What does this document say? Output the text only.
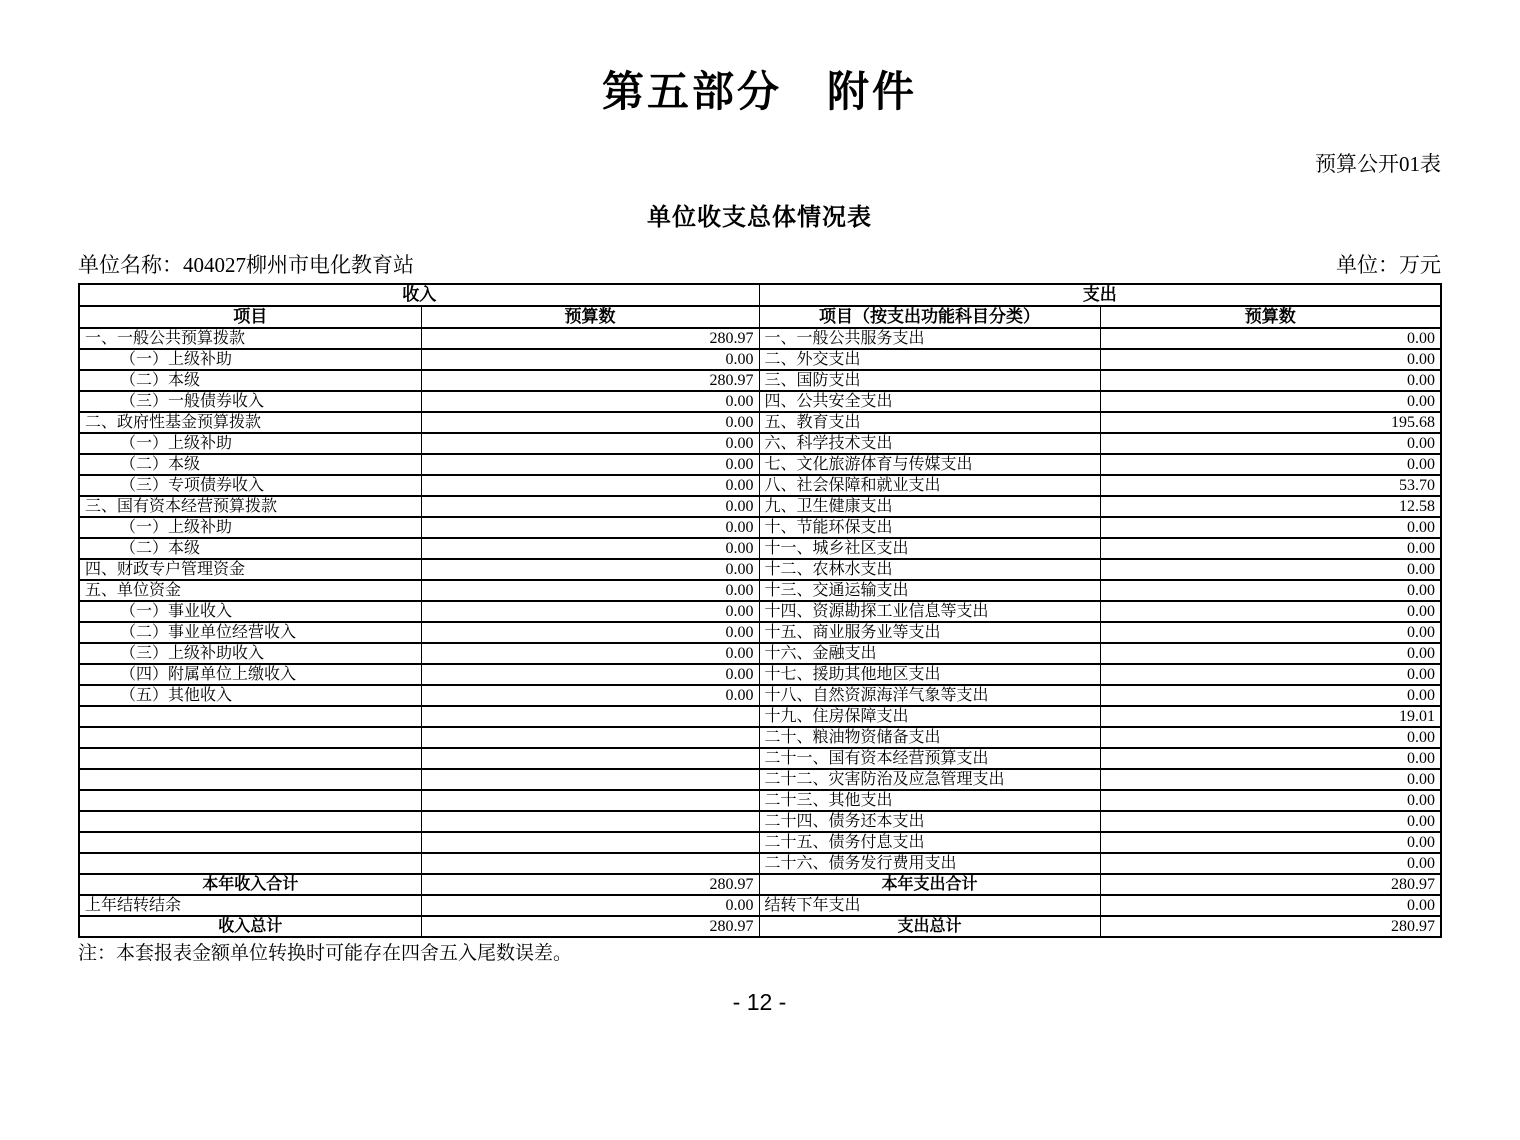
第五部分　附件
预算公开01表
单位收支总体情况表
单位名称：404027柳州市电化教育站	单位：万元
收入		支出	
项目	预算数	项目（按支出功能科目分类）	预算数
一、一般公共预算拨款	280.97	一、一般公共服务支出	0.00
（一）上级补助	0.00	二、外交支出	0.00
（二）本级	280.97	三、国防支出	0.00
（三）一般债券收入	0.00	四、公共安全支出	0.00
二、政府性基金预算拨款	0.00	五、教育支出	195.68
（一）上级补助	0.00	六、科学技术支出	0.00
（二）本级	0.00	七、文化旅游体育与传媒支出	0.00
（三）专项债券收入	0.00	八、社会保障和就业支出	53.70
三、国有资本经营预算拨款	0.00	九、卫生健康支出	12.58
（一）上级补助	0.00	十、节能环保支出	0.00
（二）本级	0.00	十一、城乡社区支出	0.00
四、财政专户管理资金	0.00	十二、农林水支出	0.00
五、单位资金	0.00	十三、交通运输支出	0.00
（一）事业收入	0.00	十四、资源勘探工业信息等支出	0.00
（二）事业单位经营收入	0.00	十五、商业服务业等支出	0.00
（三）上级补助收入	0.00	十六、金融支出	0.00
（四）附属单位上缴收入	0.00	十七、援助其他地区支出	0.00
（五）其他收入	0.00	十八、自然资源海洋气象等支出	0.00
		十九、住房保障支出	19.01
		二十、粮油物资储备支出	0.00
		二十一、国有资本经营预算支出	0.00
		二十二、灾害防治及应急管理支出	0.00
		二十三、其他支出	0.00
		二十四、债务还本支出	0.00
		二十五、债务付息支出	0.00
		二十六、债务发行费用支出	0.00
本年收入合计	280.97	本年支出合计	280.97
上年结转结余	0.00	结转下年支出	0.00
收入总计	280.97	支出总计	280.97
注：本套报表金额单位转换时可能存在四舍五入尾数误差。
- 12 -
